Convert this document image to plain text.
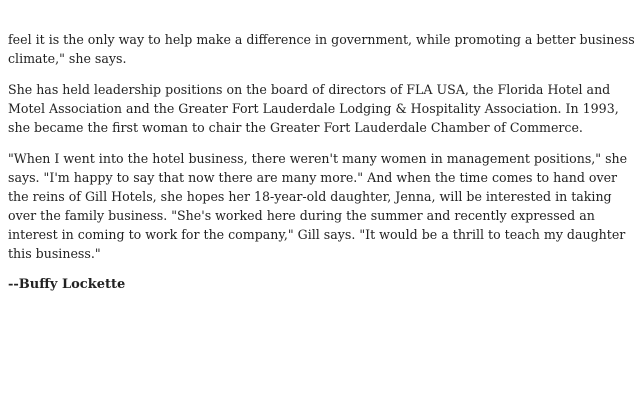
feel it is the only way to help make a difference in government, while promoting a better business climate," she says.

She has held leadership positions on the board of directors of FLA USA, the Florida Hotel and Motel Association and the Greater Fort Lauderdale Lodging & Hospitality Association. In 1993, she became the first woman to chair the Greater Fort Lauderdale Chamber of Commerce.

"When I went into the hotel business, there weren't many women in management positions," she says. "I'm happy to say that now there are many more." And when the time comes to hand over the reins of Gill Hotels, she hopes her 18-year-old daughter, Jenna, will be interested in taking over the family business. "She's worked here during the summer and recently expressed an interest in coming to work for the company," Gill says. "It would be a thrill to teach my daughter this business."

--Buffy Lockette
